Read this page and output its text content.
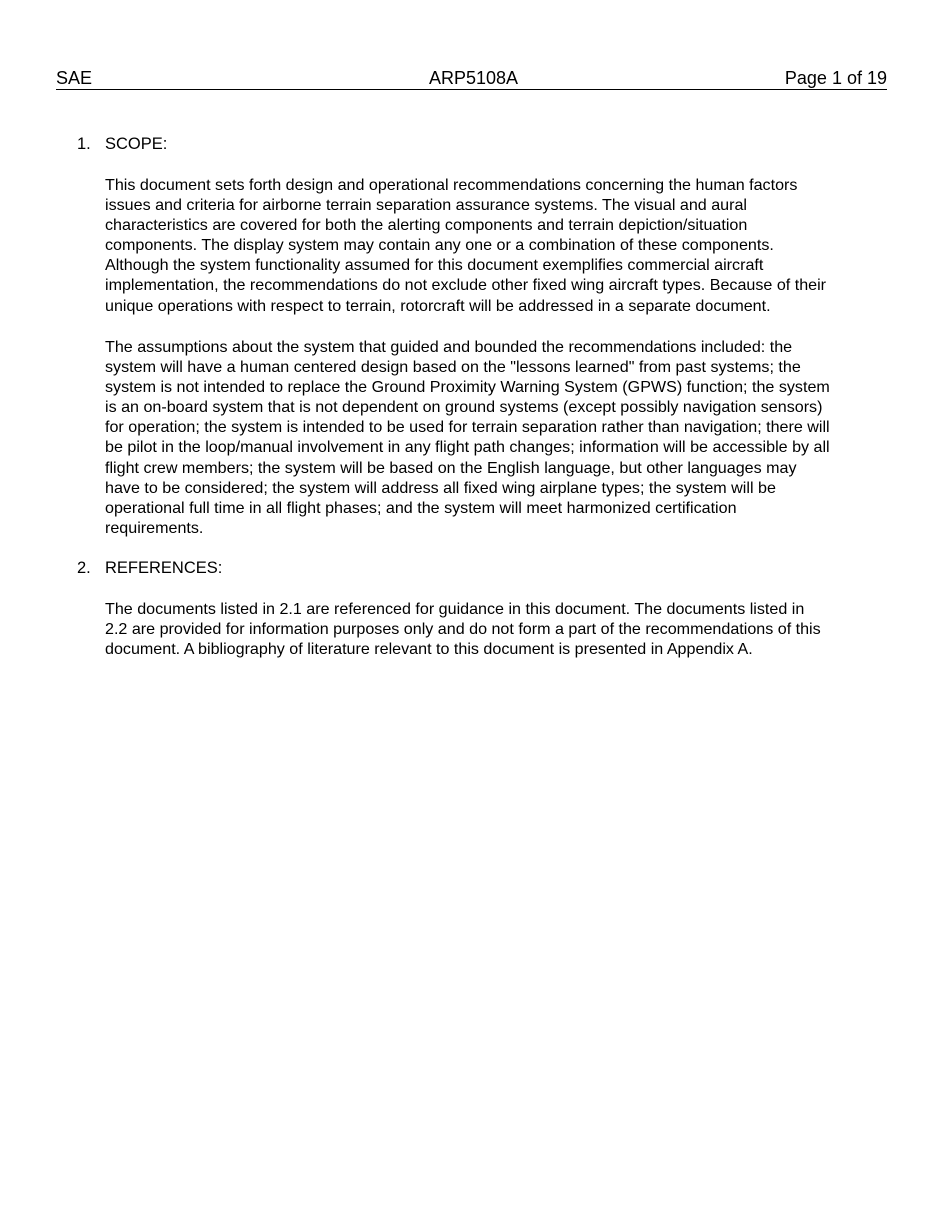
SAE	ARP5108A	Page 1 of 19
1. SCOPE:
This document sets forth design and operational recommendations concerning the human factors
issues and criteria for airborne terrain separation assurance systems. The visual and aural
characteristics are covered for both the alerting components and terrain depiction/situation
components. The display system may contain any one or a combination of these components.
Although the system functionality assumed for this document exemplifies commercial aircraft
implementation, the recommendations do not exclude other fixed wing aircraft types. Because of their
unique operations with respect to terrain, rotorcraft will be addressed in a separate document.
The assumptions about the system that guided and bounded the recommendations included: the
system will have a human centered design based on the "lessons learned" from past systems; the
system is not intended to replace the Ground Proximity Warning System (GPWS) function; the system
is an on-board system that is not dependent on ground systems (except possibly navigation sensors)
for operation; the system is intended to be used for terrain separation rather than navigation; there will
be pilot in the loop/manual involvement in any flight path changes; information will be accessible by all
flight crew members; the system will be based on the English language, but other languages may
have to be considered; the system will address all fixed wing airplane types; the system will be
operational full time in all flight phases; and the system will meet harmonized certification
requirements.
2. REFERENCES:
The documents listed in 2.1 are referenced for guidance in this document. The documents listed in
2.2 are provided for information purposes only and do not form a part of the recommendations of this
document. A bibliography of literature relevant to this document is presented in Appendix A.
